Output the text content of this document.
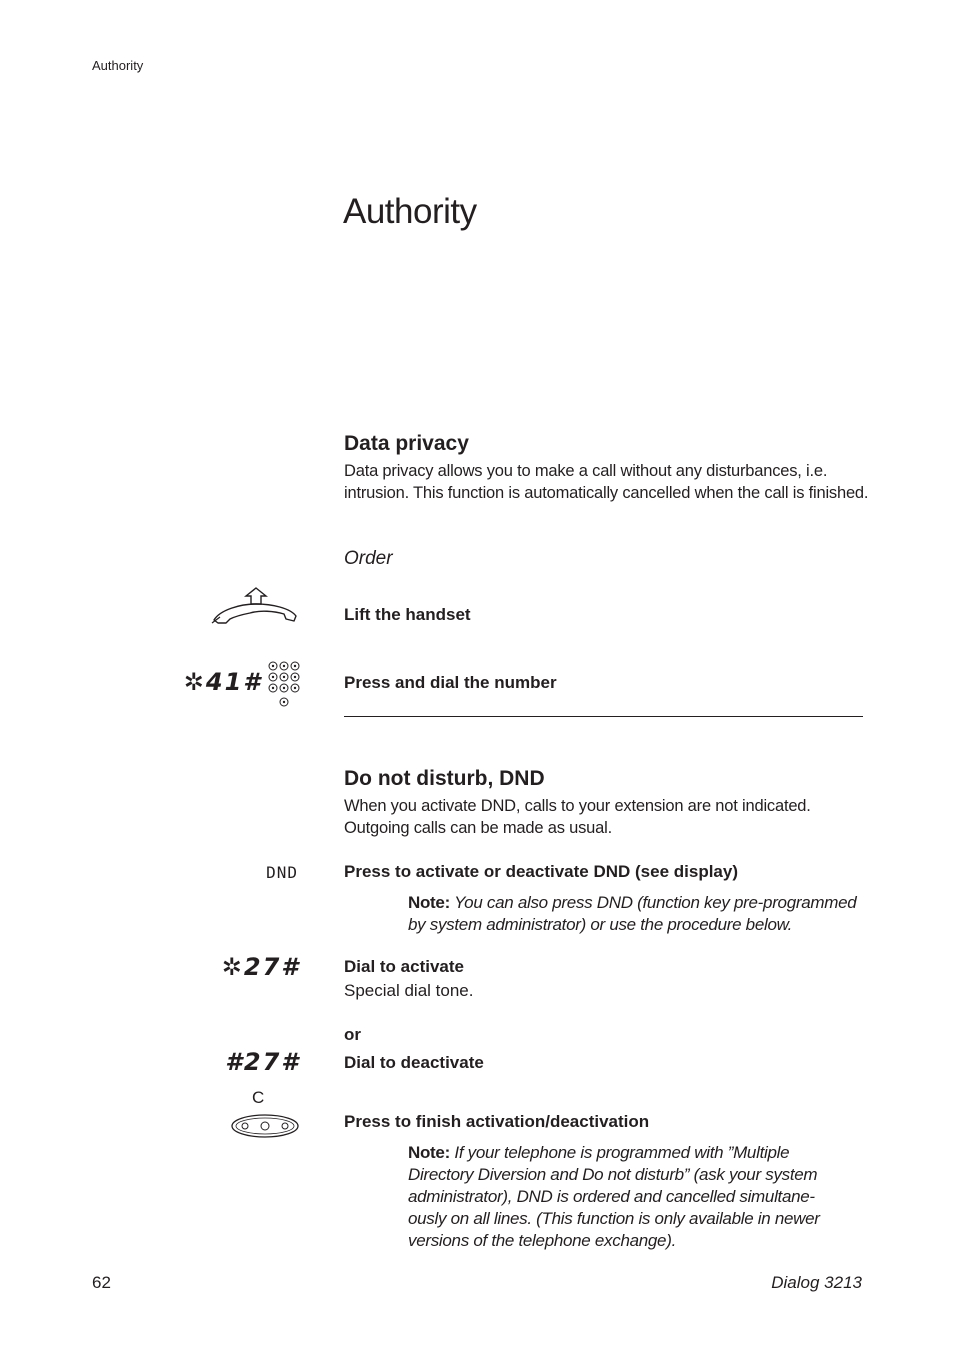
Authority
Authority
Data privacy
Data privacy allows you to make a call without any disturbances, i.e.
intrusion. This function is automatically cancelled when the call is finished.
Order
Lift the handset
✲41#	Press and dial the number
Do not disturb, DND
When you activate DND, calls to your extension are not indicated.
Outgoing calls can be made as usual.
DND	Press to activate or deactivate DND (see display)
Note: You can also press DND (function key pre-programmed
by system administrator) or use the procedure below.
✲27#	Dial to activate
Special dial tone.
or
#27#	Dial to deactivate
C
Press to finish activation/deactivation
Note: If your telephone is programmed with ”Multiple
Directory Diversion and Do not disturb” (ask your system
administrator), DND is ordered and cancelled simultane-
ously on all lines. (This function is only available in newer
versions of the telephone exchange).
62	Dialog 3213
